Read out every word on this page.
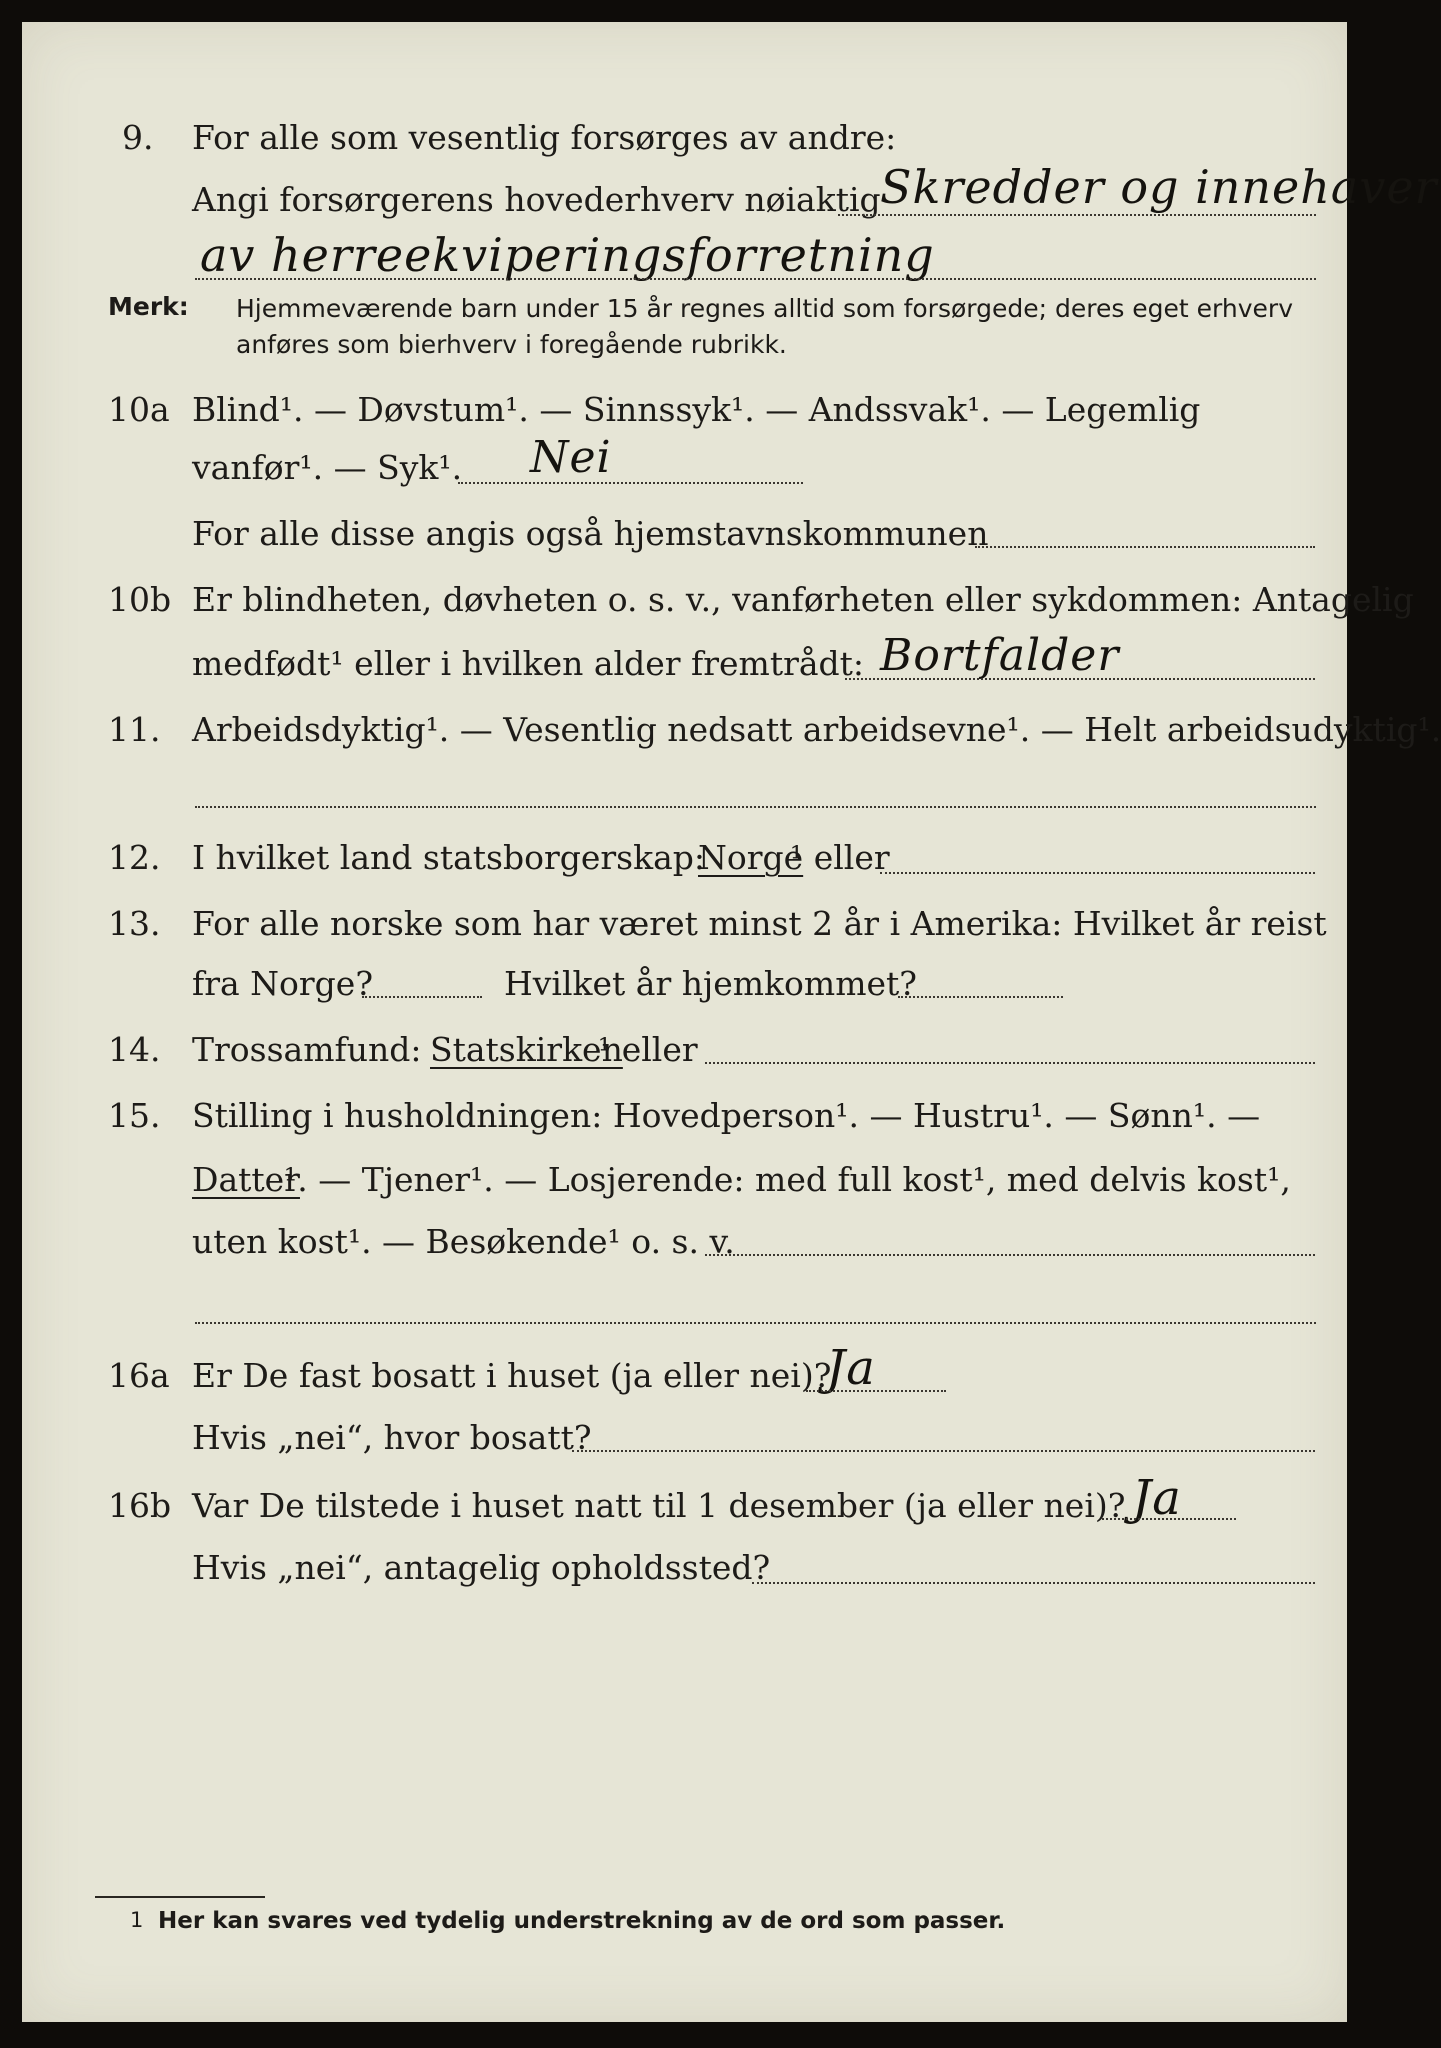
9. For alle som vesentlig forsørges av andre:
Angi forsørgerens hovederhverv nøiaktig Skredder og innehaver
av herreekviperingsforretning
Merk: Hjemmeværende barn under 15 år regnes alltid som forsørgede; deres eget erhverv
anføres som bierhverv i foregående rubrikk.
10a Blind¹. — Døvstum¹. — Sinnssyk¹. — Andssvak¹. — Legemlig
vanfør¹. — Syk¹. Nei
For alle disse angis også hjemstavnskommunen
10b Er blindheten, døvheten o. s. v., vanførheten eller sykdommen: Antagelig
medfødt¹ eller i hvilken alder fremtrådt: Bortfalder
11. Arbeidsdyktig¹. — Vesentlig nedsatt arbeidsevne¹. — Helt arbeidsudyktig¹.
12. I hvilket land statsborgerskap:
Norge
¹ eller
13. For alle norske som har været minst 2 år i Amerika: Hvilket år reist
fra Norge?	Hvilket år hjemkommet?
14. Trossamfund: Statskirken
¹ eller
15. Stilling i husholdningen: Hovedperson¹. — Hustru¹. — Sønn¹. —
Datter
¹. — Tjener¹. — Losjerende: med full kost¹, med delvis kost¹,
uten kost¹. — Besøkende¹ o. s. v.
16a Er De fast bosatt i huset (ja eller nei)?
Ja
Hvis „nei“, hvor bosatt?
16b Var De tilstede i huset natt til 1 desember (ja eller nei)? Ja
Hvis „nei“, antagelig opholdssted?
1 Her kan svares ved tydelig understrekning av de ord som passer.
